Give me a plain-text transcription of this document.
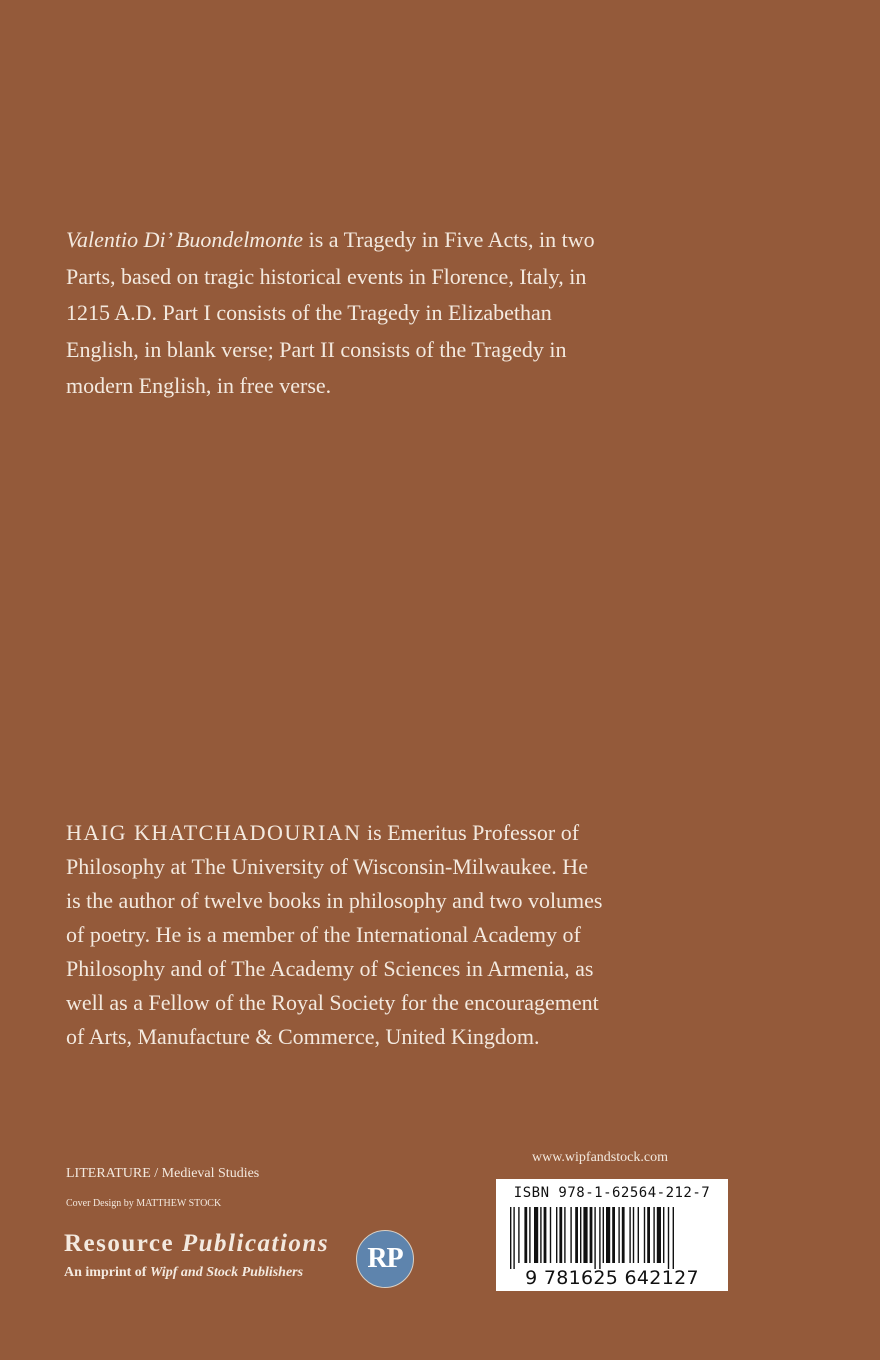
Valentio Di’ Buondelmonte is a Tragedy in Five Acts, in two Parts, based on tragic historical events in Florence, Italy, in 1215 A.D. Part I consists of the Tragedy in Elizabethan English, in blank verse; Part II consists of the Tragedy in modern English, in free verse.

HAIG KHATCHADOURIAN is Emeritus Professor of Philosophy at The University of Wisconsin-Milwaukee. He is the author of twelve books in philosophy and two volumes of poetry. He is a member of the International Academy of Philosophy and of The Academy of Sciences in Armenia, as well as a Fellow of the Royal Society for the encouragement of Arts, Manufacture & Commerce, United Kingdom.

LITERATURE / Medieval Studies

Cover Design by MATTHEW STOCK

Resource Publications
An imprint of Wipf and Stock Publishers	RP

www.wipfandstock.com

ISBN 978-1-62564-212-7
9 781625 642127
